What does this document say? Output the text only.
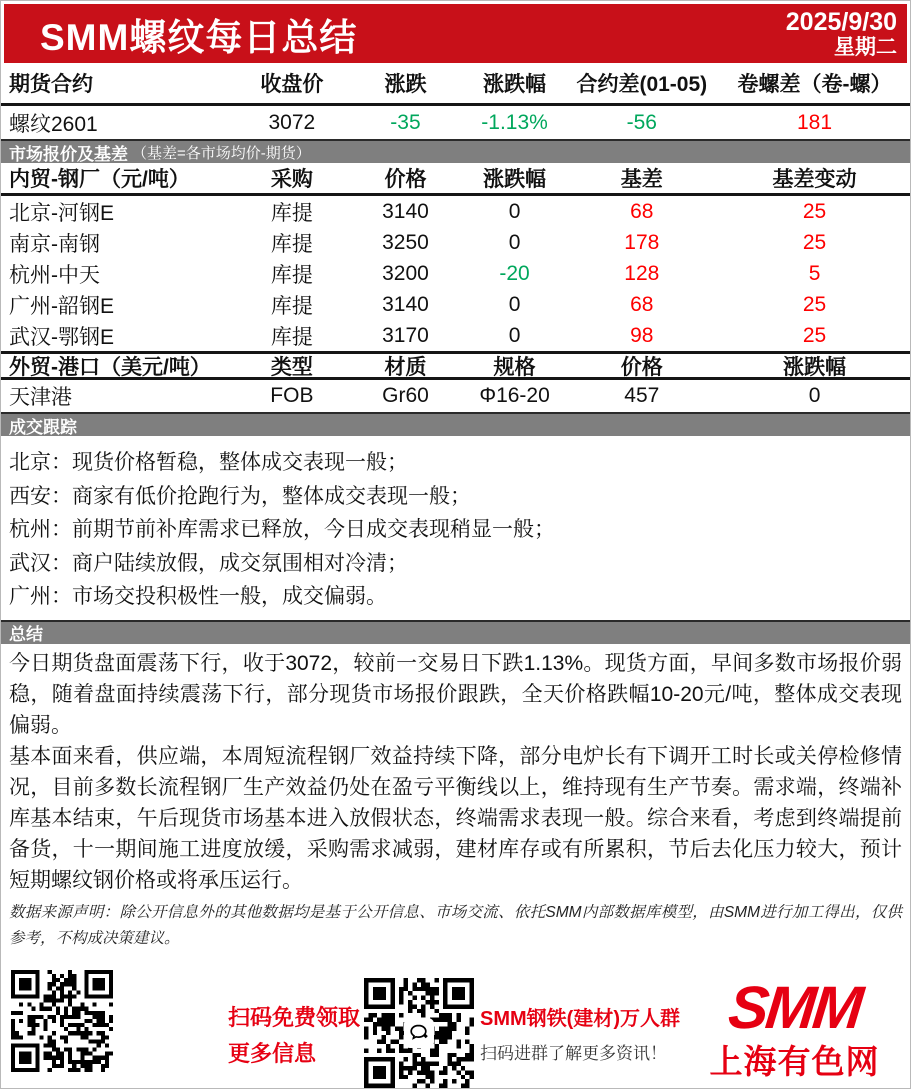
SMM螺纹每日总结	2025/9/30
星期二
期货合约	收盘价	涨跌	涨跌幅	合约差(01-05)	卷螺差（卷-螺）
螺纹2601	3072	-35	-1.13%	-56	181
市场报价及基差 （基差=各市场均价-期货）
内贸-钢厂（元/吨）	采购	价格	涨跌幅	基差	基差变动
北京-河钢E	库提	3140	0	68	25
南京-南钢	库提	3250	0	178	25
杭州-中天	库提	3200	-20	128	5
广州-韶钢E	库提	3140	0	68	25
武汉-鄂钢E	库提	3170	0	98	25
外贸-港口（美元/吨）	类型	材质	规格	价格	涨跌幅
天津港	FOB	Gr60	Φ16-20	457	0
成交跟踪
北京：现货价格暂稳，整体成交表现一般；
西安：商家有低价抢跑行为，整体成交表现一般；
杭州：前期节前补库需求已释放，今日成交表现稍显一般；
武汉：商户陆续放假，成交氛围相对冷清；
广州：市场交投积极性一般，成交偏弱。
总结

今日期货盘面震荡下行，收于3072，较前一交易日下跌1.13%。现货方面，早间多数市场报价弱稳，随着盘面持续震荡下行，部分现货市场报价跟跌，全天价格跌幅10-20元/吨，整体成交表现偏弱。

基本面来看，供应端，本周短流程钢厂效益持续下降，部分电炉长有下调开工时长或关停检修情况，目前多数长流程钢厂生产效益仍处在盈亏平衡线以上，维持现有生产节奏。需求端，终端补库基本结束，午后现货市场基本进入放假状态，终端需求表现一般。综合来看，考虑到终端提前备货，十一期间施工进度放缓，采购需求减弱，建材库存或有所累积，节后去化压力较大，预计短期螺纹钢价格或将承压运行。

数据来源声明：除公开信息外的其他数据均是基于公开信息、市场交流、依托SMM内部数据库模型，由SMM进行加工得出，仅供参考，不构成决策建议。
扫码免费领取
更多信息
SMM钢铁(建材)万人群
扫码进群了解更多资讯！
SMM
上海有色网
